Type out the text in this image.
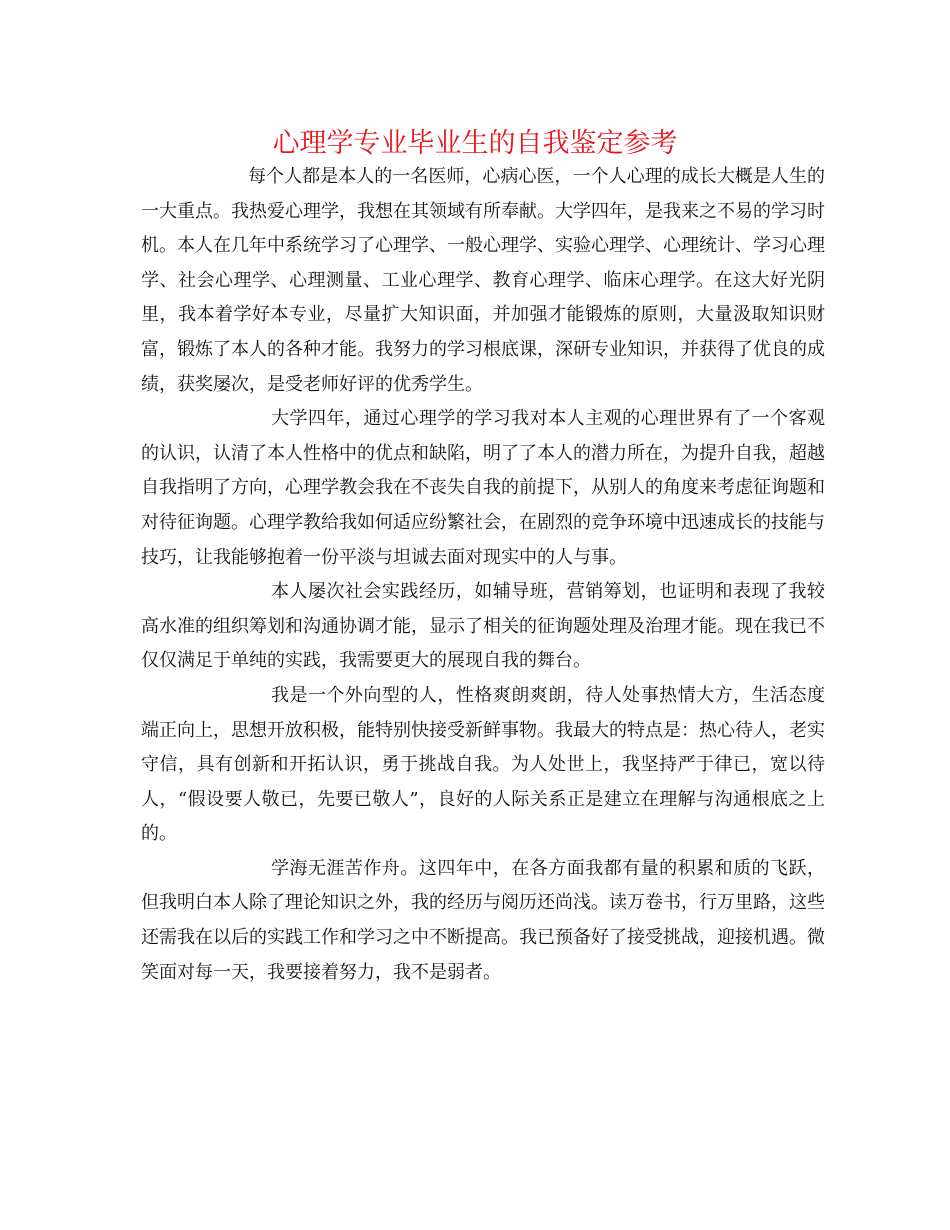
心理学专业毕业生的自我鉴定参考

每个人都是本人的一名医师，心病心医，一个人心理的成长大概是人生的一大重点。我热爱心理学，我想在其领域有所奉献。大学四年，是我来之不易的学习时机。本人在几年中系统学习了心理学、一般心理学、实验心理学、心理统计、学习心理学、社会心理学、心理测量、工业心理学、教育心理学、临床心理学。在这大好光阴里，我本着学好本专业，尽量扩大知识面，并加强才能锻炼的原则，大量汲取知识财富，锻炼了本人的各种才能。我努力的学习根底课，深研专业知识，并获得了优良的成绩，获奖屡次，是受老师好评的优秀学生。

大学四年，通过心理学的学习我对本人主观的心理世界有了一个客观的认识，认清了本人性格中的优点和缺陷，明了了本人的潜力所在，为提升自我，超越自我指明了方向，心理学教会我在不丧失自我的前提下，从别人的角度来考虑征询题和对待征询题。心理学教给我如何适应纷繁社会，在剧烈的竞争环境中迅速成长的技能与技巧，让我能够抱着一份平淡与坦诚去面对现实中的人与事。

本人屡次社会实践经历，如辅导班，营销筹划，也证明和表现了我较高水准的组织筹划和沟通协调才能，显示了相关的征询题处理及治理才能。现在我已不仅仅满足于单纯的实践，我需要更大的展现自我的舞台。

我是一个外向型的人，性格爽朗爽朗，待人处事热情大方，生活态度端正向上，思想开放积极，能特别快接受新鲜事物。我最大的特点是：热心待人，老实守信，具有创新和开拓认识，勇于挑战自我。为人处世上，我坚持严于律已，宽以待人，“假设要人敬已，先要已敬人”，良好的人际关系正是建立在理解与沟通根底之上的。

学海无涯苦作舟。这四年中，在各方面我都有量的积累和质的飞跃，但我明白本人除了理论知识之外，我的经历与阅历还尚浅。读万卷书，行万里路，这些还需我在以后的实践工作和学习之中不断提高。我已预备好了接受挑战，迎接机遇。微笑面对每一天，我要接着努力，我不是弱者。
